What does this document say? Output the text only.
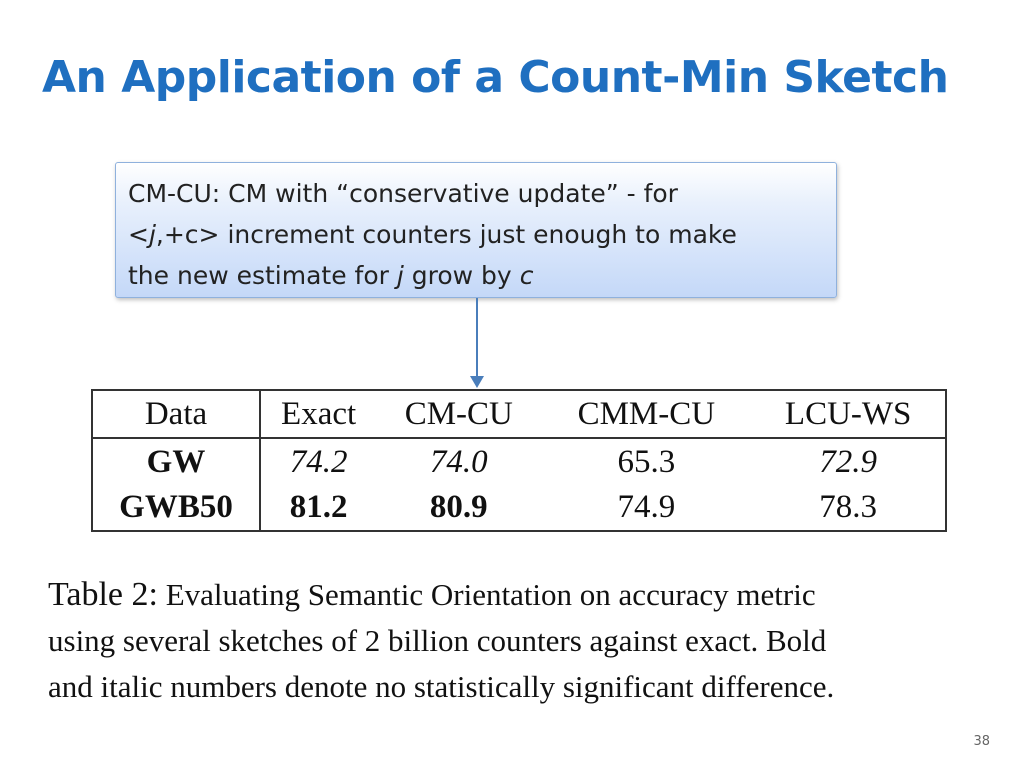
An Application of a Count-Min Sketch
CM-CU: CM with “conservative update” - for
<j,+c> increment counters just enough to make
the new estimate for j grow by c
Data	Exact	CM-CU	CMM-CU	LCU-WS
GW	74.2	74.0	65.3	72.9
GWB50	81.2	80.9	74.9	78.3
Table 2: Evaluating Semantic Orientation on accuracy metric
using several sketches of 2 billion counters against exact. Bold
and italic numbers denote no statistically significant difference.
38
